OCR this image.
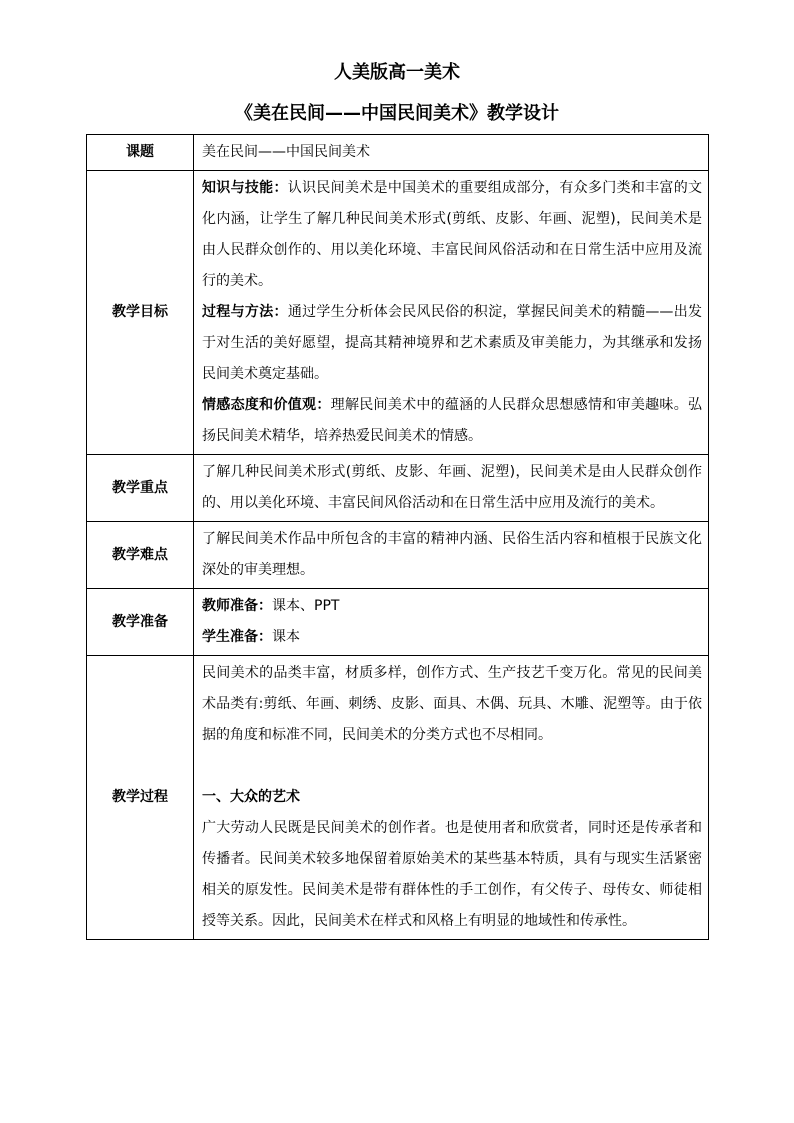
人美版高一美术
《美在民间——中国民间美术》教学设计
课题	美在民间——中国民间美术
教学目标	知识与技能：认识民间美术是中国美术的重要组成部分，有众多门类和丰富的文化内涵，让学生了解几种民间美术形式(剪纸、皮影、年画、泥塑)，民间美术是由人民群众创作的、用以美化环境、丰富民间风俗活动和在日常生活中应用及流行的美术。

过程与方法：通过学生分析体会民风民俗的积淀，掌握民间美术的精髓——出发于对生活的美好愿望，提高其精神境界和艺术素质及审美能力，为其继承和发扬民间美术奠定基础。

情感态度和价值观：理解民间美术中的蕴涵的人民群众思想感情和审美趣味。弘扬民间美术精华，培养热爱民间美术的情感。

教学重点	了解几种民间美术形式(剪纸、皮影、年画、泥塑)，民间美术是由人民群众创作的、用以美化环境、丰富民间风俗活动和在日常生活中应用及流行的美术。
教学难点	了解民间美术作品中所包含的丰富的精神内涵、民俗生活内容和植根于民族文化深处的审美理想。
教学准备	教师准备：课本、PPT

学生准备：课本

教学过程	民间美术的品类丰富，材质多样，创作方式、生产技艺千变万化。常见的民间美术品类有:剪纸、年画、刺绣、皮影、面具、木偶、玩具、木雕、泥塑等。由于依据的角度和标准不同，民间美术的分类方式也不尽相同。

一、大众的艺术

广大劳动人民既是民间美术的创作者。也是使用者和欣赏者，同时还是传承者和传播者。民间美术较多地保留着原始美术的某些基本特质，具有与现实生活紧密相关的原发性。民间美术是带有群体性的手工创作，有父传子、母传女、师徒相授等关系。因此，民间美术在样式和风格上有明显的地域性和传承性。
